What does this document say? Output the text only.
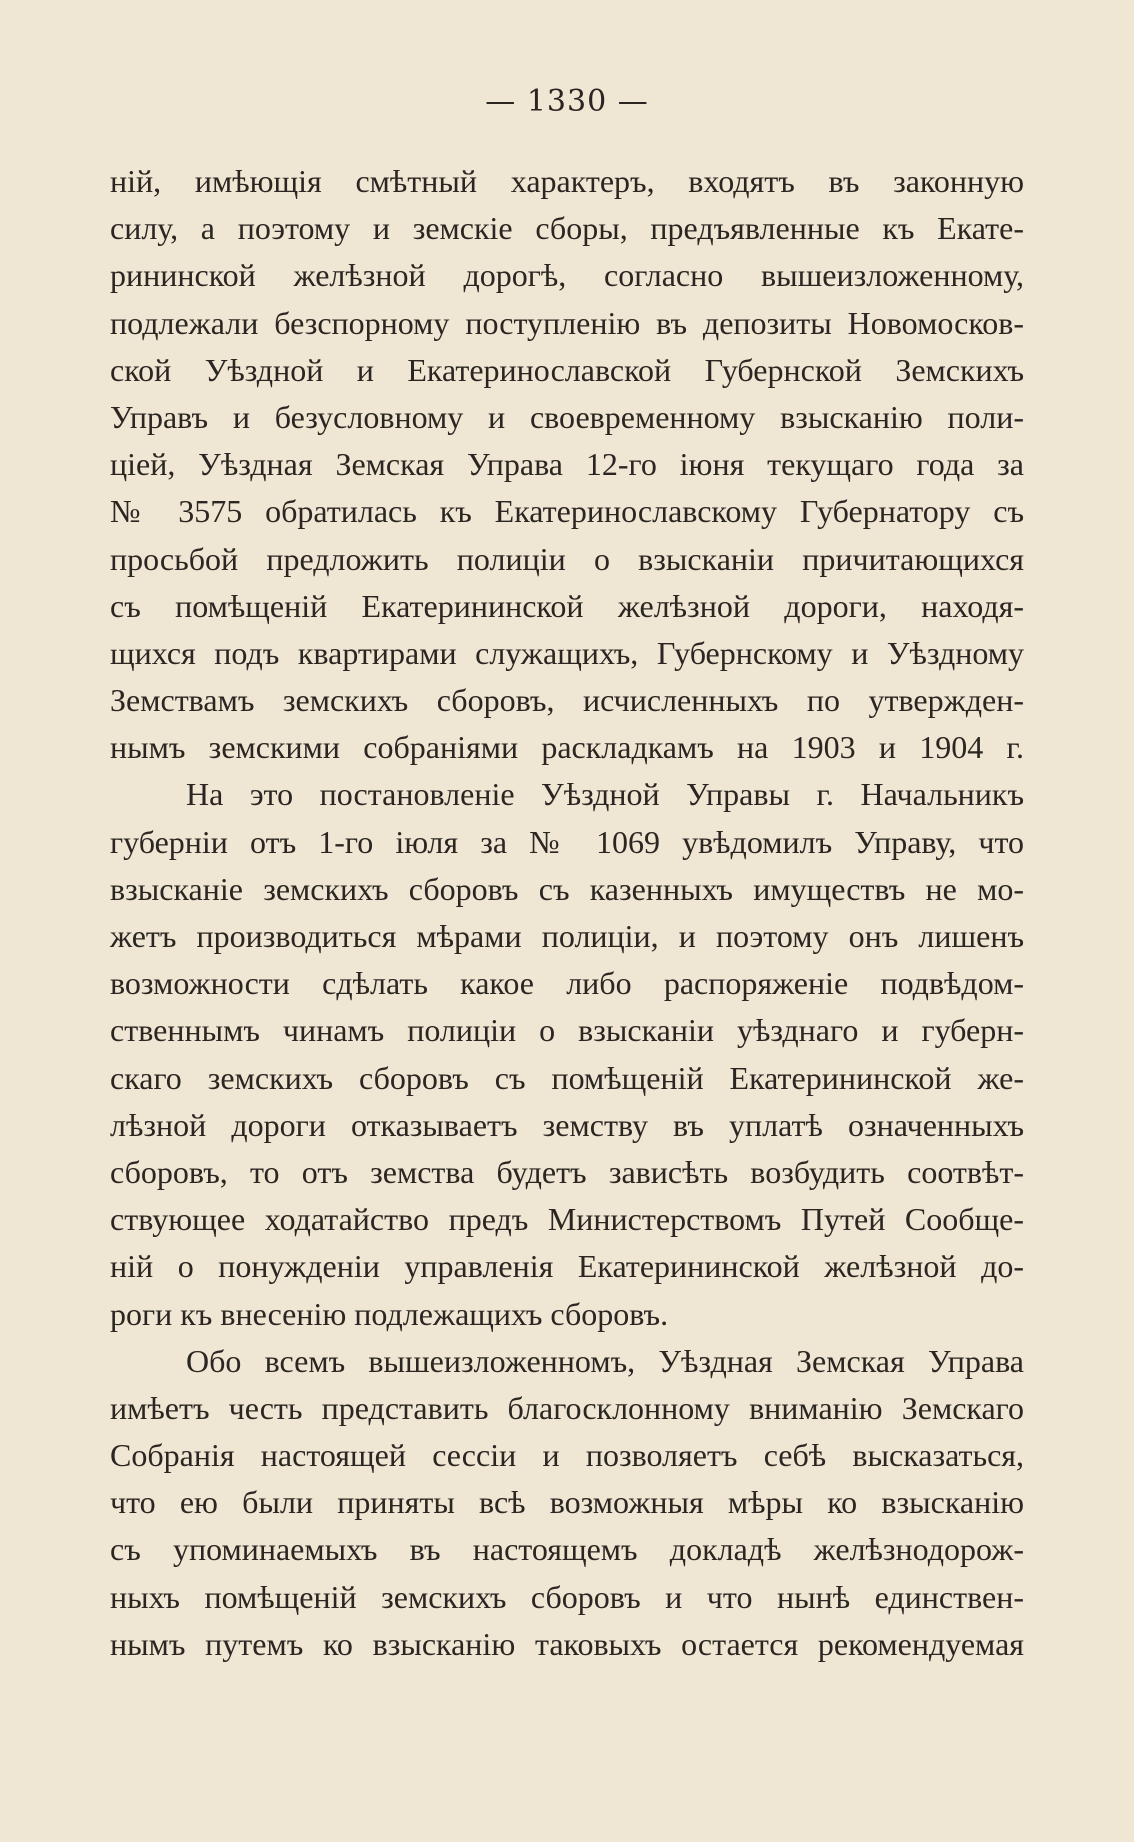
— 1330 —
ній, имѣющія смѣтный характеръ, входятъ въ законную
силу, а поэтому и земскіе сборы, предъявленные къ Екате-
рининской желѣзной дорогѣ, согласно вышеизложенному,
подлежали безспорному поступленію въ депозиты Новомосков-
ской Уѣздной и Екатеринославской Губернской Земскихъ
Управъ и безусловному и своевременному взысканію поли-
ціей, Уѣздная Земская Управа 12-го іюня текущаго года за
№ 3575 обратилась къ Екатеринославскому Губернатору съ
просьбой предложить полиціи о взысканіи причитающихся
съ помѣщеній Екатерининской желѣзной дороги, находя-
щихся подъ квартирами служащихъ, Губернскому и Уѣздному
Земствамъ земскихъ сборовъ, исчисленныхъ по утвержден-
нымъ земскими собраніями раскладкамъ на 1903 и 1904 г.
На это постановленіе Уѣздной Управы г. Начальникъ
губерніи отъ 1-го іюля за № 1069 увѣдомилъ Управу, что
взысканіе земскихъ сборовъ съ казенныхъ имуществъ не мо-
жетъ производиться мѣрами полиціи, и поэтому онъ лишенъ
возможности сдѣлать какое либо распоряженіе подвѣдом-
ственнымъ чинамъ полиціи о взысканіи уѣзднаго и губерн-
скаго земскихъ сборовъ съ помѣщеній Екатерининской же-
лѣзной дороги отказываетъ земству въ уплатѣ означенныхъ
сборовъ, то отъ земства будетъ зависѣть возбудить соотвѣт-
ствующее ходатайство предъ Министерствомъ Путей Сообще-
ній о понужденіи управленія Екатерининской желѣзной до-
роги къ внесенію подлежащихъ сборовъ.
Обо всемъ вышеизложенномъ, Уѣздная Земская Управа
имѣетъ честь представить благосклонному вниманію Земскаго
Собранія настоящей сессіи и позволяетъ себѣ высказаться,
что ею были приняты всѣ возможныя мѣры ко взысканію
съ упоминаемыхъ въ настоящемъ докладѣ желѣзнодорож-
ныхъ помѣщеній земскихъ сборовъ и что нынѣ единствен-
нымъ путемъ ко взысканію таковыхъ остается рекомендуемая
